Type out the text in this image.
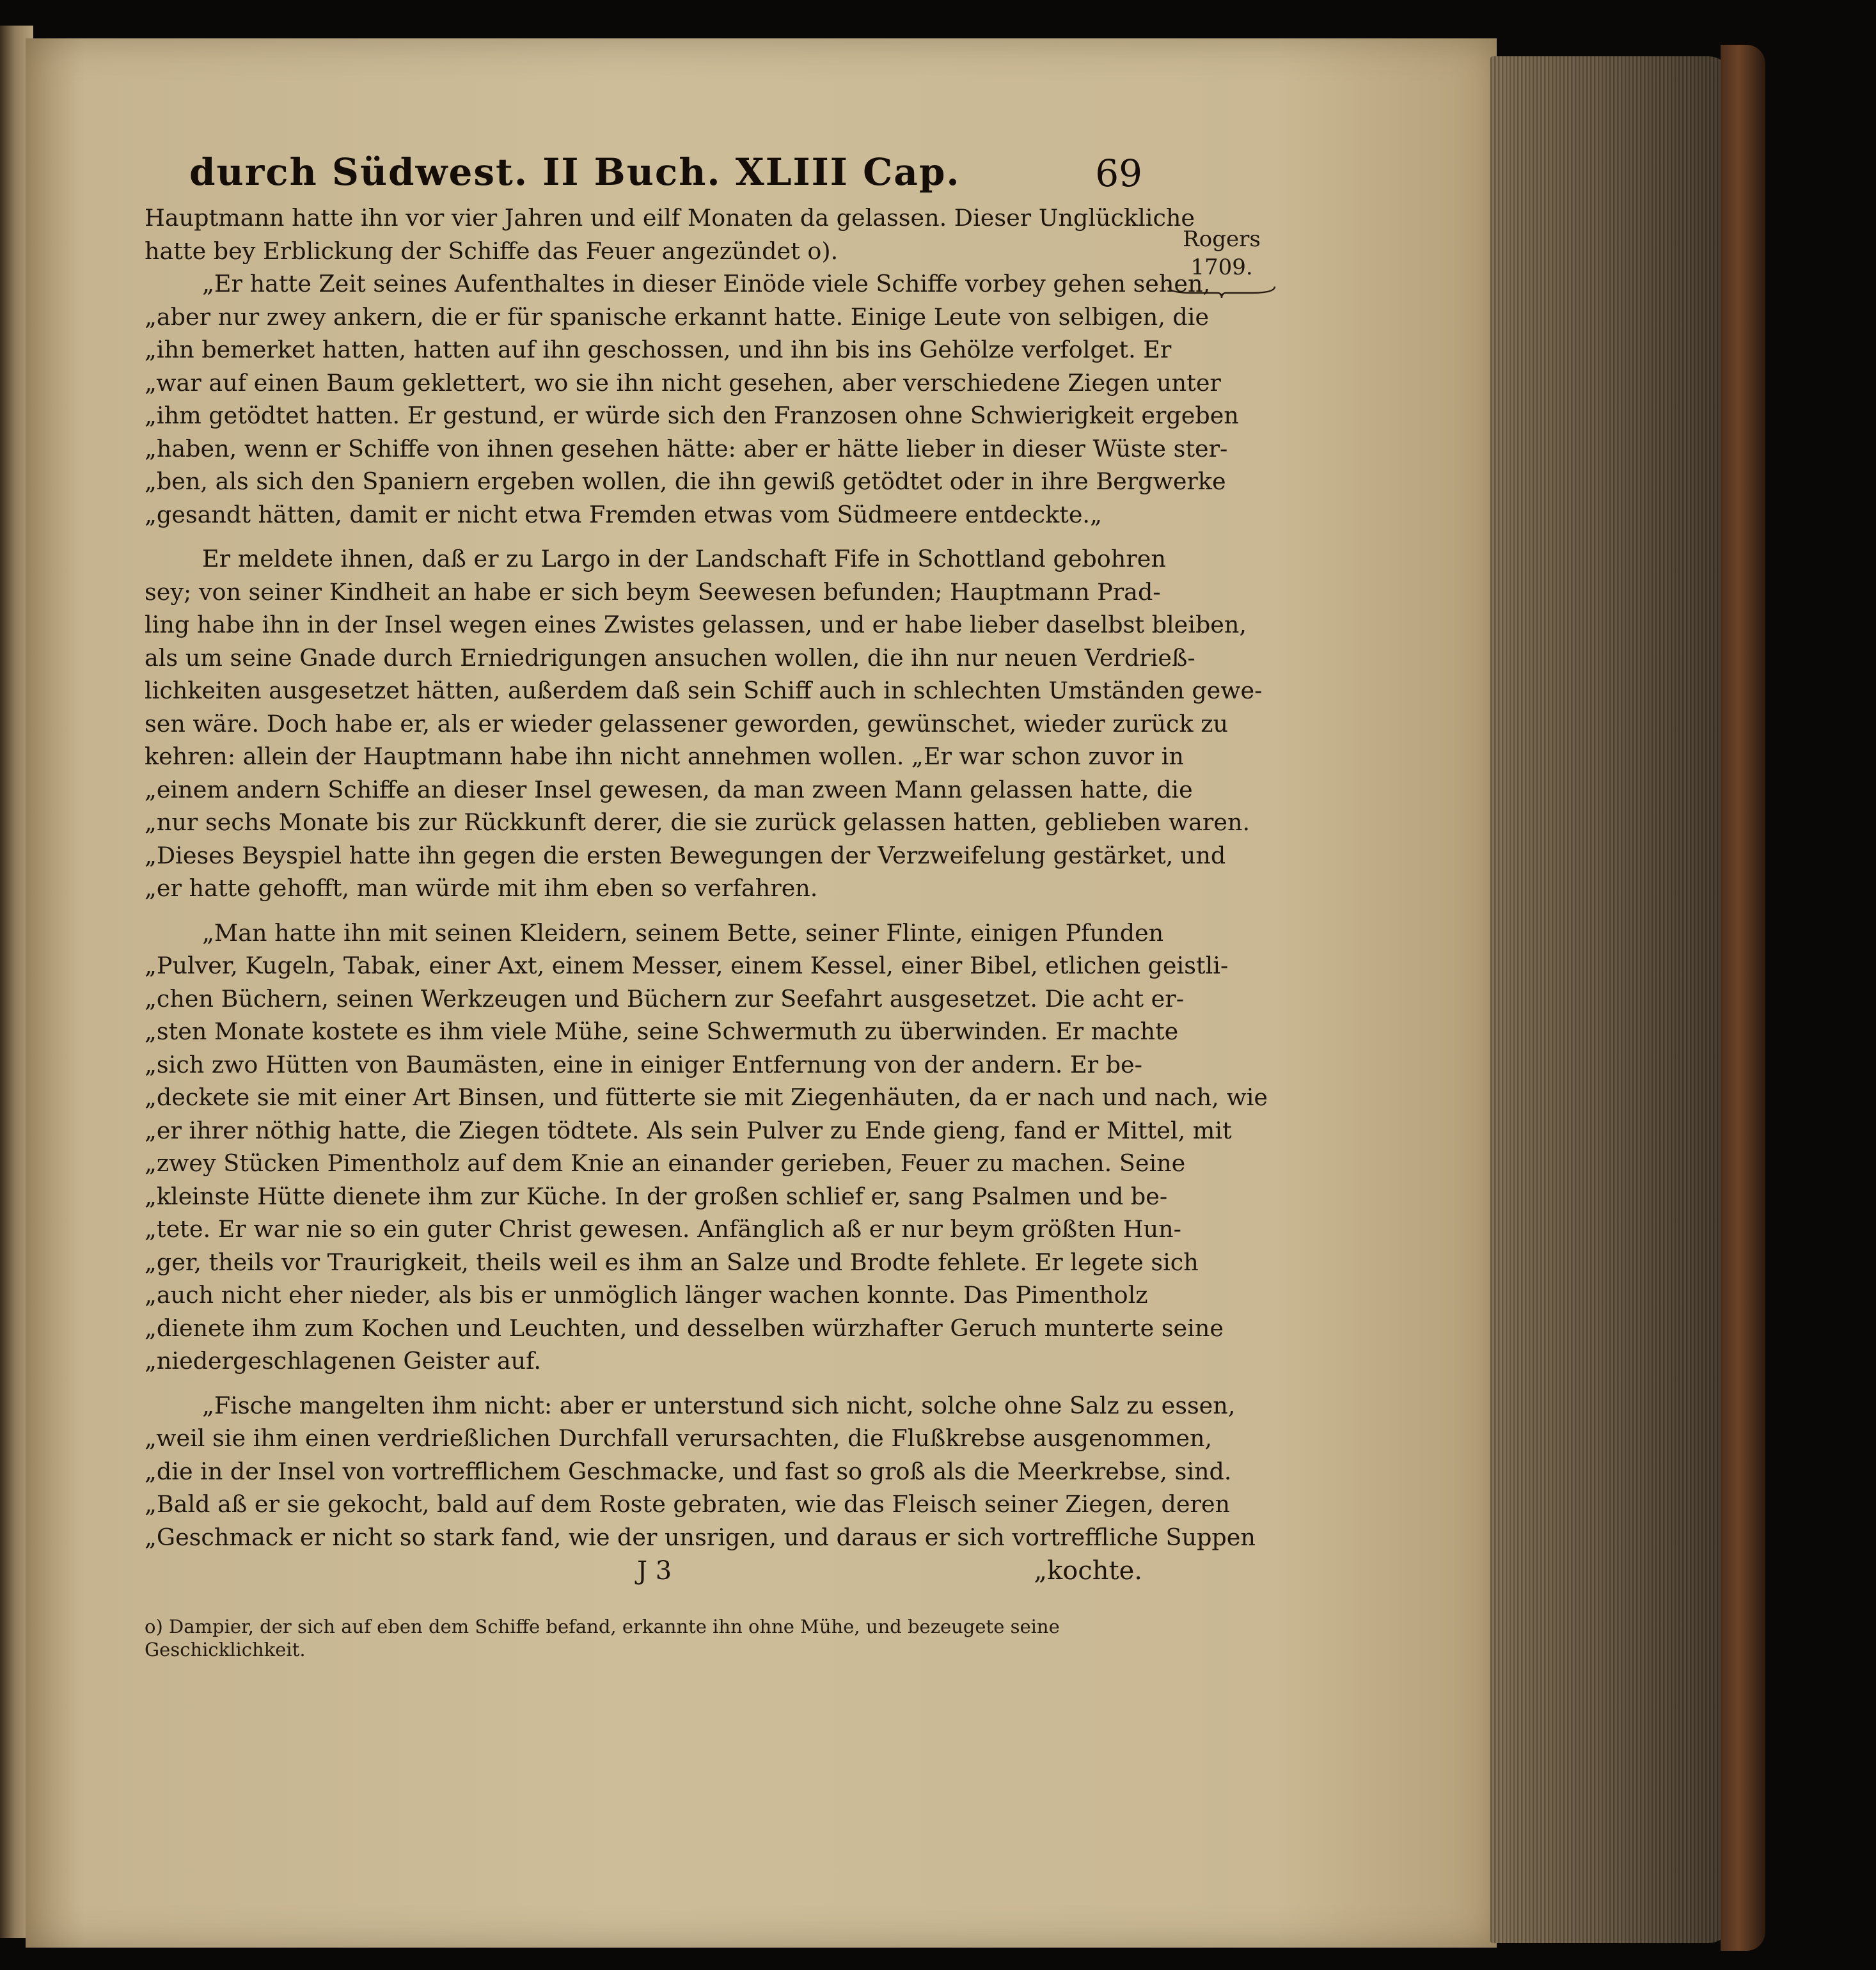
durch Südwest. II Buch. XLIII Cap.	69
Hauptmann hatte ihn vor vier Jahren und eilf Monaten da gelassen. Dieser Unglückliche
hatte bey Erblickung der Schiffe das Feuer angezündet o).
„Er hatte Zeit seines Aufenthaltes in dieser Einöde viele Schiffe vorbey gehen sehen,
„aber nur zwey ankern, die er für spanische erkannt hatte. Einige Leute von selbigen, die
„ihn bemerket hatten, hatten auf ihn geschossen, und ihn bis ins Gehölze verfolget. Er
„war auf einen Baum geklettert, wo sie ihn nicht gesehen, aber verschiedene Ziegen unter
„ihm getödtet hatten. Er gestund, er würde sich den Franzosen ohne Schwierigkeit ergeben
„haben, wenn er Schiffe von ihnen gesehen hätte: aber er hätte lieber in dieser Wüste ster-
„ben, als sich den Spaniern ergeben wollen, die ihn gewiß getödtet oder in ihre Bergwerke
„gesandt hätten, damit er nicht etwa Fremden etwas vom Südmeere entdeckte.„
Er meldete ihnen, daß er zu Largo in der Landschaft Fife in Schottland gebohren
sey; von seiner Kindheit an habe er sich beym Seewesen befunden; Hauptmann Prad-
ling habe ihn in der Insel wegen eines Zwistes gelassen, und er habe lieber daselbst bleiben,
als um seine Gnade durch Erniedrigungen ansuchen wollen, die ihn nur neuen Verdrieß-
lichkeiten ausgesetzet hätten, außerdem daß sein Schiff auch in schlechten Umständen gewe-
sen wäre. Doch habe er, als er wieder gelassener geworden, gewünschet, wieder zurück zu
kehren: allein der Hauptmann habe ihn nicht annehmen wollen. „Er war schon zuvor in
„einem andern Schiffe an dieser Insel gewesen, da man zween Mann gelassen hatte, die
„nur sechs Monate bis zur Rückkunft derer, die sie zurück gelassen hatten, geblieben waren.
„Dieses Beyspiel hatte ihn gegen die ersten Bewegungen der Verzweifelung gestärket, und
„er hatte gehofft, man würde mit ihm eben so verfahren.
„Man hatte ihn mit seinen Kleidern, seinem Bette, seiner Flinte, einigen Pfunden
„Pulver, Kugeln, Tabak, einer Axt, einem Messer, einem Kessel, einer Bibel, etlichen geistli-
„chen Büchern, seinen Werkzeugen und Büchern zur Seefahrt ausgesetzet. Die acht er-
„sten Monate kostete es ihm viele Mühe, seine Schwermuth zu überwinden. Er machte
„sich zwo Hütten von Baumästen, eine in einiger Entfernung von der andern. Er be-
„deckete sie mit einer Art Binsen, und fütterte sie mit Ziegenhäuten, da er nach und nach, wie
„er ihrer nöthig hatte, die Ziegen tödtete. Als sein Pulver zu Ende gieng, fand er Mittel, mit
„zwey Stücken Pimentholz auf dem Knie an einander gerieben, Feuer zu machen. Seine
„kleinste Hütte dienete ihm zur Küche. In der großen schlief er, sang Psalmen und be-
„tete. Er war nie so ein guter Christ gewesen. Anfänglich aß er nur beym größten Hun-
„ger, theils vor Traurigkeit, theils weil es ihm an Salze und Brodte fehlete. Er legete sich
„auch nicht eher nieder, als bis er unmöglich länger wachen konnte. Das Pimentholz
„dienete ihm zum Kochen und Leuchten, und desselben würzhafter Geruch munterte seine
„niedergeschlagenen Geister auf.
„Fische mangelten ihm nicht: aber er unterstund sich nicht, solche ohne Salz zu essen,
„weil sie ihm einen verdrießlichen Durchfall verursachten, die Flußkrebse ausgenommen,
„die in der Insel von vortrefflichem Geschmacke, und fast so groß als die Meerkrebse, sind.
„Bald aß er sie gekocht, bald auf dem Roste gebraten, wie das Fleisch seiner Ziegen, deren
„Geschmack er nicht so stark fand, wie der unsrigen, und daraus er sich vortreffliche Suppen
J 3	„kochte.
o) Dampier, der sich auf eben dem Schiffe befand, erkannte ihn ohne Mühe, und bezeugete seine
Geschicklichkeit.
Rogers
1709.
